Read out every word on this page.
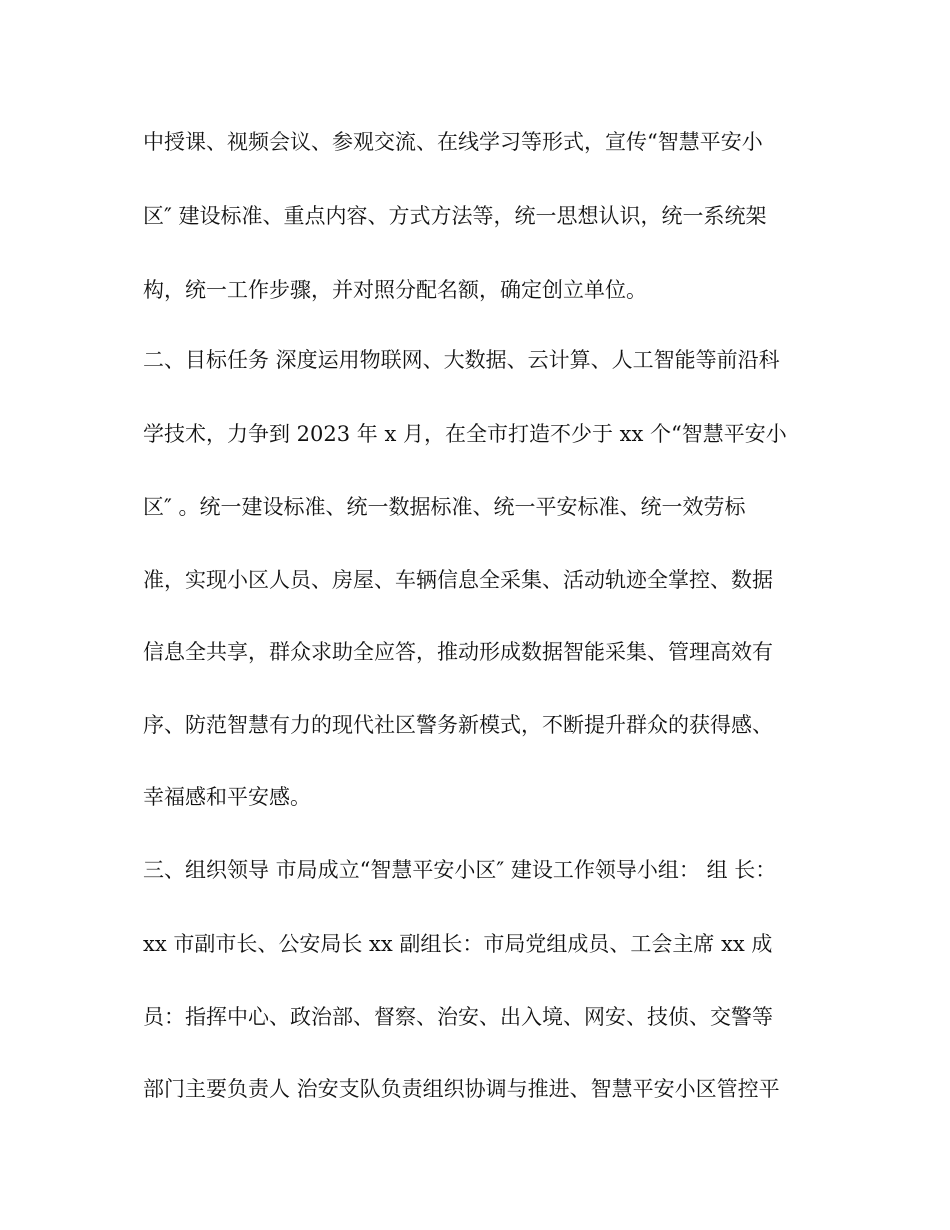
中授课、视频会议、参观交流、在线学习等形式，宣传“智慧平安小

区″ 建设标准、重点内容、方式方法等，统一思想认识，统一系统架

构，统一工作步骤，并对照分配名额，确定创立单位。

二、目标任务 深度运用物联网、大数据、云计算、人工智能等前沿科

学技术，力争到 2023 年 x 月，在全市打造不少于 xx 个“智慧平安小

区″ 。统一建设标准、统一数据标准、统一平安标准、统一效劳标

准，实现小区人员、房屋、车辆信息全采集、活动轨迹全掌控、数据

信息全共享，群众求助全应答，推动形成数据智能采集、管理高效有

序、防范智慧有力的现代社区警务新模式，不断提升群众的获得感、

幸福感和平安感。

三、组织领导 市局成立“智慧平安小区″ 建设工作领导小组： 组 长：

xx 市副市长、公安局长 xx 副组长：市局党组成员、工会主席 xx 成

员：指挥中心、政治部、督察、治安、出入境、网安、技侦、交警等

部门主要负责人 治安支队负责组织协调与推进、智慧平安小区管控平
